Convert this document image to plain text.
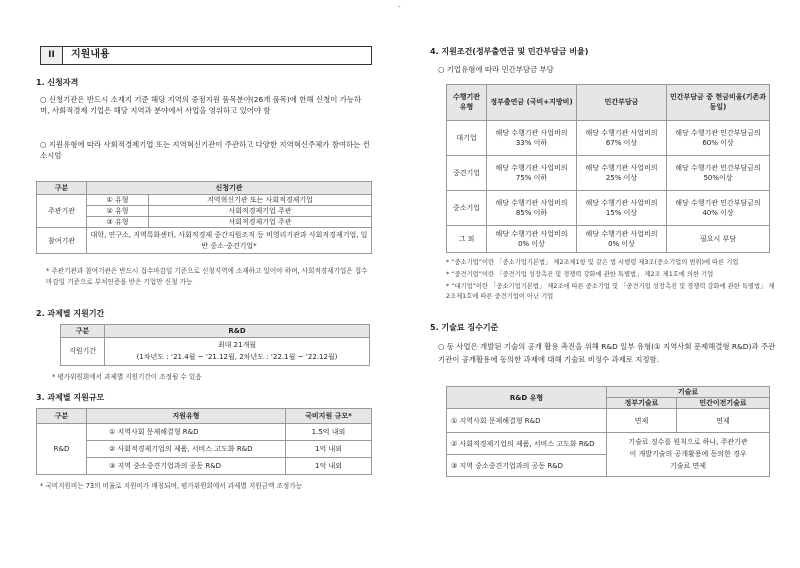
-
II	지원내용
1. 신청자격
○ 신청기관은 반드시 소재지 기준 해당 지역의 중점지원 품목분야(26개 품목)에 한해 신청이 가능하며, 사회적경제 기업은 해당 지역과 분야에서 사업을 영위하고 있어야 함
○ 지원유형에 따라 사회적경제기업 또는 지역혁신기관이 주관하고 다양한 지역혁신주체가 참여하는 컨소시엄
구분	신청기관	
주관기관	① 유형	지역혁신기관 또는 사회적경제기업
	② 유형	사회적경제기업 주관
	③ 유형	사회적경제기업 주관
참여기관	대학, 연구소, 지역특화센터, 사회적경제 중간지원조직 등 비영리기관과 사회적경제기업, 일반 중소·중견기업*	
* 주관기관과 참여기관은 반드시 접수마감일 기준으로 신청지역에 소재하고 있어야 하며, 사회적경제기업은 접수마감일 기준으로 부처인증을 받은 기업만 신청 가능
2. 과제별 지원기간
구분	R&D
지원기간	최대 21개월
(1차년도 : ‘21.4월 ~ ’21.12월, 2차년도 : ‘22.1월 ~ ’22.12월)
* 평가위원회에서 과제별 지원기간이 조정될 수 있음
3. 과제별 지원규모
구분	지원유형	국비지원 규모*
R&D	① 지역사회 문제해결형 R&D	1.5억 내외
	② 사회적경제기업의 제품, 서비스 고도화 R&D	1억 내외
	③ 지역 중소중견기업과의 공동 R&D	1억 내외
* 국비지원비는 73의 비율로 지원비가 매칭되며, 평가위원회에서 과제별 지원금액 조정가능
4. 지원조건(정부출연금 및 민간부담금 비율)
○ 기업유형에 따라 민간부담금 부담
수행기관 유형	정부출연금 (국비+지방비)	민간부담금	민간부담금 중 현금비율(기존과 동일)
대기업	해당 수행기관 사업비의 33% 이하	해당 수행기관 사업비의 67% 이상	해당 수행기관 민간부담금의 60% 이상
중견기업	해당 수행기관 사업비의 75% 이하	해당 수행기관 사업비의 25% 이상	해당 수행기관 민간부담금의 50%이상
중소기업	해당 수행기관 사업비의 85% 이하	해당 수행기관 사업비의 15% 이상	해당 수행기관 민간부담금의 40% 이상
그 외	해당 수행기관 사업비의 0% 이상	해당 수행기관 사업비의 0% 이상	필요시 부담
* “중소기업”이란 「중소기업기본법」 제2조제1항 및 같은 법 시행령 제3조(중소기업의 범위)에 따른 기업
* “중견기업”이란 「중견기업 성장촉진 및 경쟁력 강화에 관한 특별법」 제2조 제1호에 의한 기업
* “대기업”이란 「중소기업기본법」 제2조에 따른 중소기업 및 「중견기업 성장촉진 및 경쟁력 강화에 관한 특별법」 제2조제1호에 따른 중견기업이 아닌 기업
5. 기술료 징수기준
○ 동 사업은 개발된 기술의 공개 활용 촉진을 위해 R&D 일부 유형(① 지역사회 문제해결형 R&D)과 주관기관이 공개활용에 동의한 과제에 대해 기술료 비징수 과제로 지정함.
R&D 유형	기술료	
	정부기술료	민간이전기술료
① 지역사회 문제해결형 R&D	면제	면제
② 사회적경제기업의 제품, 서비스 고도화 R&D	기술료 징수를 원칙으로 하나, 주관기관이 개발기술의 공개활용에 동의한 경우 기술료 면제	
③ 지역 중소중견기업과의 공동 R&D		
